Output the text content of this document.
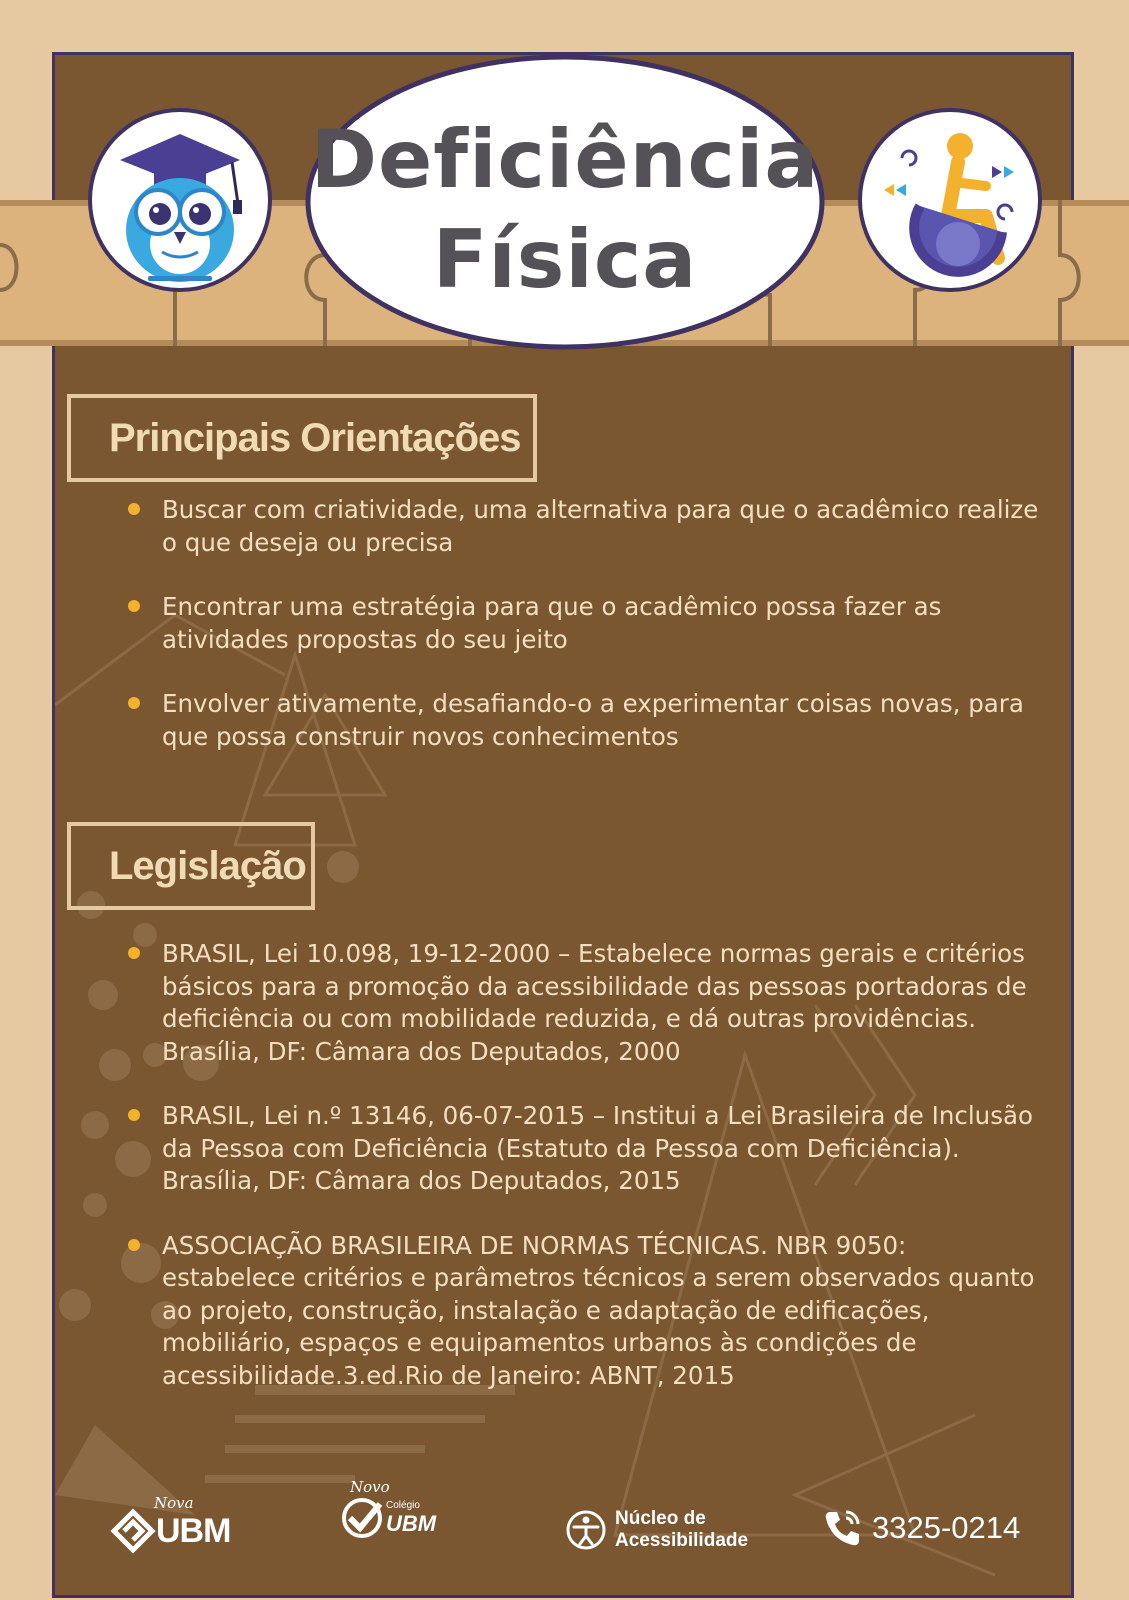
Deficiência
Física
Principais Orientações
Buscar com criatividade, uma alternativa para que o acadêmico realize o que deseja ou precisa
Encontrar uma estratégia para que o acadêmico possa fazer as atividades propostas do seu jeito
Envolver ativamente, desafiando-o a experimentar coisas novas, para que possa construir novos conhecimentos
Legislação
BRASIL, Lei 10.098, 19-12-2000 – Estabelece normas gerais e critérios básicos para a promoção da acessibilidade das pessoas portadoras de deficiência ou com mobilidade reduzida, e dá outras providências. Brasília, DF: Câmara dos Deputados, 2000
BRASIL, Lei n.º 13146, 06-07-2015 – Institui a Lei Brasileira de Inclusão da Pessoa com Deficiência (Estatuto da Pessoa com Deficiência). Brasília, DF: Câmara dos Deputados, 2015
ASSOCIAÇÃO BRASILEIRA DE NORMAS TÉCNICAS. NBR 9050: estabelece critérios e parâmetros técnicos a serem observados quanto ao projeto, construção, instalação e adaptação de edificações, mobiliário, espaços e equipamentos urbanos às condições de acessibilidade.3.ed.Rio de Janeiro: ABNT, 2015
Nova
UBM
Novo
Colégio
UBM	Núcleo de
Acessibilidade	3325-0214
